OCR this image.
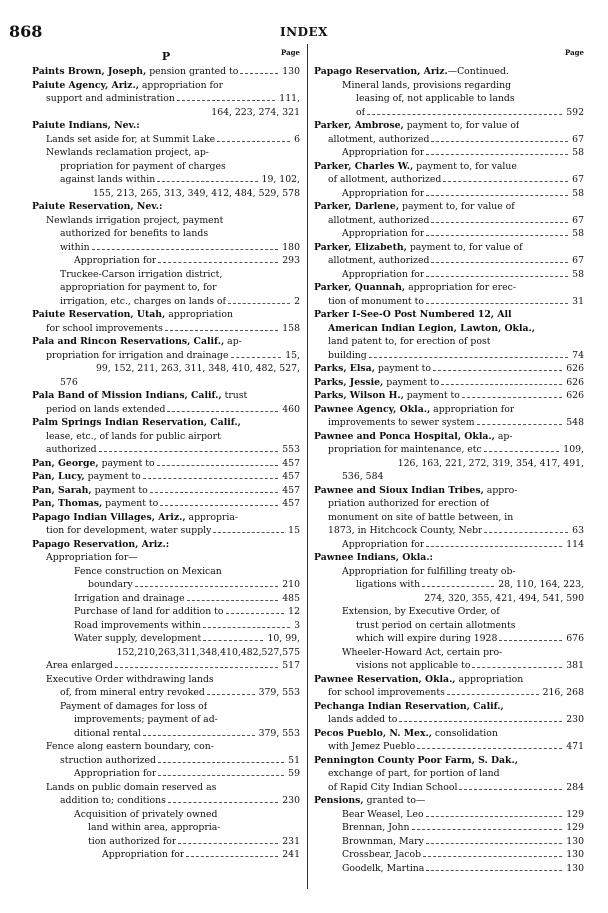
868	INDEX
P	Page
Paints Brown, Joseph, pension granted to	130
Paiute Agency, Ariz., appropriation for
support and administration	111,
164, 223, 274, 321
Paiute Indians, Nev.:
Lands set aside for, at Summit Lake	6
Newlands reclamation project, ap-
propriation for payment of charges
against lands within	19, 102,
155, 213, 265, 313, 349, 412, 484, 529, 578
Paiute Reservation, Nev.:
Newlands irrigation project, payment
authorized for benefits to lands
within	180
Appropriation for	293
Truckee-Carson irrigation district,
appropriation for payment to, for
irrigation, etc., charges on lands of	2
Paiute Reservation, Utah, appropriation
for school improvements	158
Pala and Rincon Reservations, Calif., ap-
propriation for irrigation and drainage	15,
99, 152, 211, 263, 311, 348, 410, 482, 527,
576
Pala Band of Mission Indians, Calif., trust
period on lands extended	460
Palm Springs Indian Reservation, Calif.,
lease, etc., of lands for public airport
authorized	553
Pan, George, payment to	457
Pan, Lucy, payment to	457
Pan, Sarah, payment to	457
Pan, Thomas, payment to	457
Papago Indian Villages, Ariz., appropria-
tion for development, water supply	15
Papago Reservation, Ariz.:
Appropriation for—
Fence construction on Mexican
boundary	210
Irrigation and drainage	485
Purchase of land for addition to	12
Road improvements within	3
Water supply, development	10, 99,
152,210,263,311,348,410,482,527,575
Area enlarged	517
Executive Order withdrawing lands
of, from mineral entry revoked	379, 553
Payment of damages for loss of
improvements; payment of ad-
ditional rental	379, 553
Fence along eastern boundary, con-
struction authorized	51
Appropriation for	59
Lands on public domain reserved as
addition to; conditions	230
Acquisition of privately owned
land within area, appropria-
tion authorized for	231
Appropriation for	241
Page
Papago Reservation, Ariz.—Continued.
Mineral lands, provisions regarding
leasing of, not applicable to lands
of	592
Parker, Ambrose, payment to, for value of
allotment, authorized	67
Appropriation for	58
Parker, Charles W., payment to, for value
of allotment, authorized	67
Appropriation for	58
Parker, Darlene, payment to, for value of
allotment, authorized	67
Appropriation for	58
Parker, Elizabeth, payment to, for value of
allotment, authorized	67
Appropriation for	58
Parker, Quannah, appropriation for erec-
tion of monument to	31
Parker I-See-O Post Numbered 12, All
American Indian Legion, Lawton, Okla.,
land patent to, for erection of post
building	74
Parks, Elsa, payment to	626
Parks, Jessie, payment to	626
Parks, Wilson H., payment to	626
Pawnee Agency, Okla., appropriation for
improvements to sewer system	548
Pawnee and Ponca Hospital, Okla., ap-
propriation for maintenance, etc	109,
126, 163, 221, 272, 319, 354, 417, 491,
536, 584
Pawnee and Sioux Indian Tribes, appro-
priation authorized for erection of
monument on site of battle between, in
1873, in Hitchcock County, Nebr	63
Appropriation for	114
Pawnee Indians, Okla.:
Appropriation for fulfilling treaty ob-
ligations with	28, 110, 164, 223,
274, 320, 355, 421, 494, 541, 590
Extension, by Executive Order, of
trust period on certain allotments
which will expire during 1928	676
Wheeler-Howard Act, certain pro-
visions not applicable to	381
Pawnee Reservation, Okla., appropriation
for school improvements	216, 268
Pechanga Indian Reservation, Calif.,
lands added to	230
Pecos Pueblo, N. Mex., consolidation
with Jemez Pueblo	471
Pennington County Poor Farm, S. Dak.,
exchange of part, for portion of land
of Rapid City Indian School	284
Pensions, granted to—
Bear Weasel, Leo	129
Brennan, John	129
Brownman, Mary	130
Crossbear, Jacob	130
Goodelk, Martina	130
